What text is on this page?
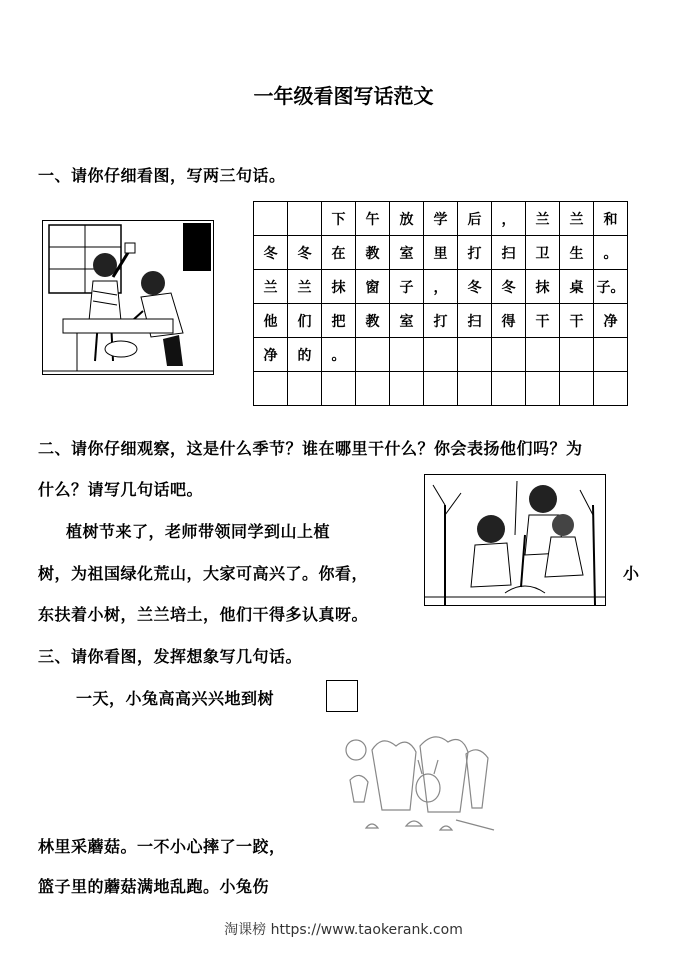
一年级看图写话范文
一、请你仔细看图，写两三句话。
		下	午	放	学	后	，	兰	兰	和
冬	冬	在	教	室	里	打	扫	卫	生	。
兰	兰	抹	窗	子	，	冬	冬	抹	桌	子。
他	们	把	教	室	打	扫	得	干	干	净
净	的	。								

二、请你仔细观察，这是什么季节？谁在哪里干什么？你会表扬他们吗？为
什么？请写几句话吧。
植树节来了，老师带领同学到山上植
树，为祖国绿化荒山，大家可高兴了。你看，	小
东扶着小树，兰兰培土，他们干得多认真呀。
三、请你看图，发挥想象写几句话。
一天，小兔高高兴兴地到树
林里采蘑菇。一不小心摔了一跤，
篮子里的蘑菇满地乱跑。小兔伤
淘课榜 https://www.taokerank.com
